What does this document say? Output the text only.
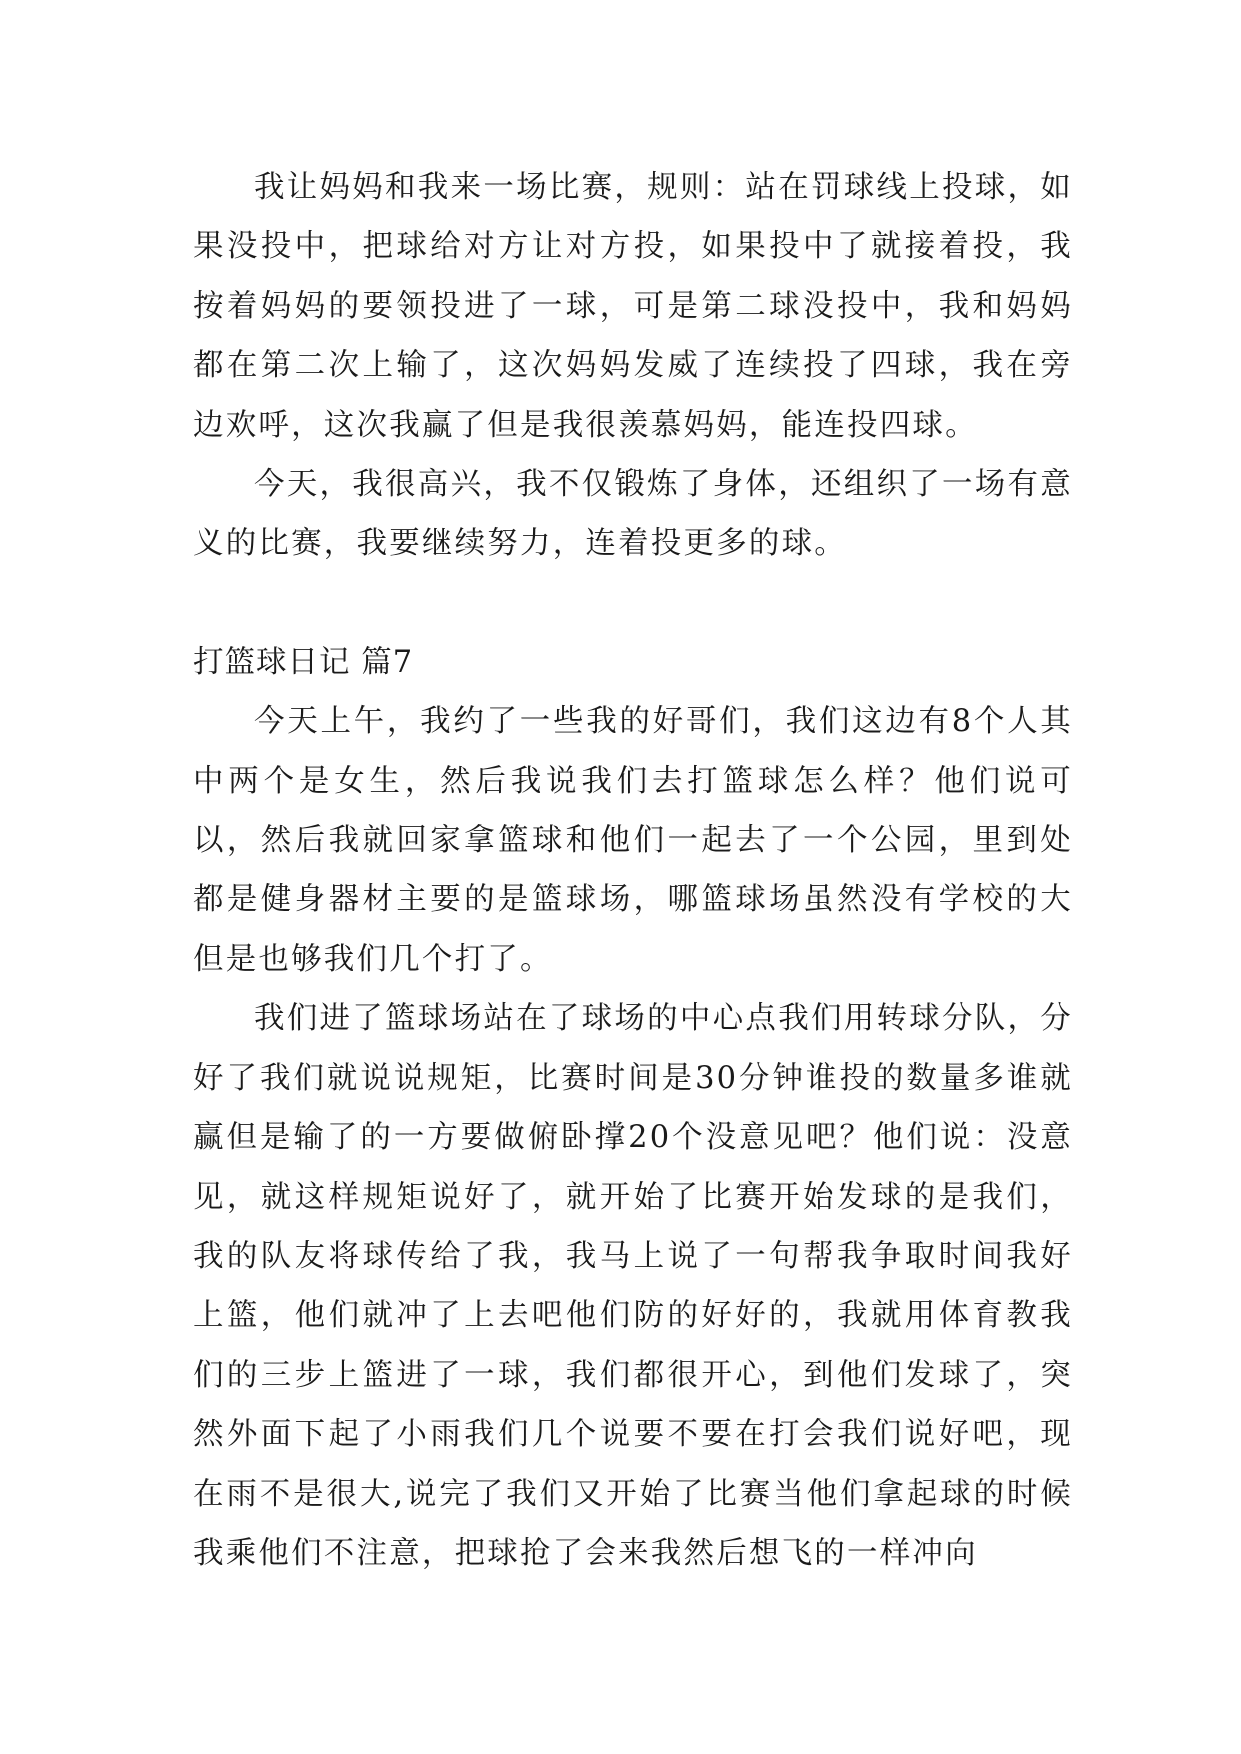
我让妈妈和我来一场比赛，规则：站在罚球线上投球，如果没投中，把球给对方让对方投，如果投中了就接着投，我按着妈妈的要领投进了一球，可是第二球没投中，我和妈妈都在第二次上输了，这次妈妈发威了连续投了四球，我在旁边欢呼，这次我赢了但是我很羡慕妈妈，能连投四球。

今天，我很高兴，我不仅锻炼了身体，还组织了一场有意义的比赛，我要继续努力，连着投更多的球。

打篮球日记 篇7

今天上午，我约了一些我的好哥们，我们这边有8个人其中两个是女生，然后我说我们去打篮球怎么样？他们说可以，然后我就回家拿篮球和他们一起去了一个公园，里到处都是健身器材主要的是篮球场，哪篮球场虽然没有学校的大但是也够我们几个打了。

我们进了篮球场站在了球场的中心点我们用转球分队，分好了我们就说说规矩，比赛时间是30分钟谁投的数量多谁就赢但是输了的一方要做俯卧撑20个没意见吧？他们说：没意见，就这样规矩说好了，就开始了比赛开始发球的是我们，我的队友将球传给了我，我马上说了一句帮我争取时间我好上篮，他们就冲了上去吧他们防的好好的，我就用体育教我们的三步上篮进了一球，我们都很开心，到他们发球了，突然外面下起了小雨我们几个说要不要在打会我们说好吧，现在雨不是很大,说完了我们又开始了比赛当他们拿起球的时候我乘他们不注意，把球抢了会来我然后想飞的一样冲向
